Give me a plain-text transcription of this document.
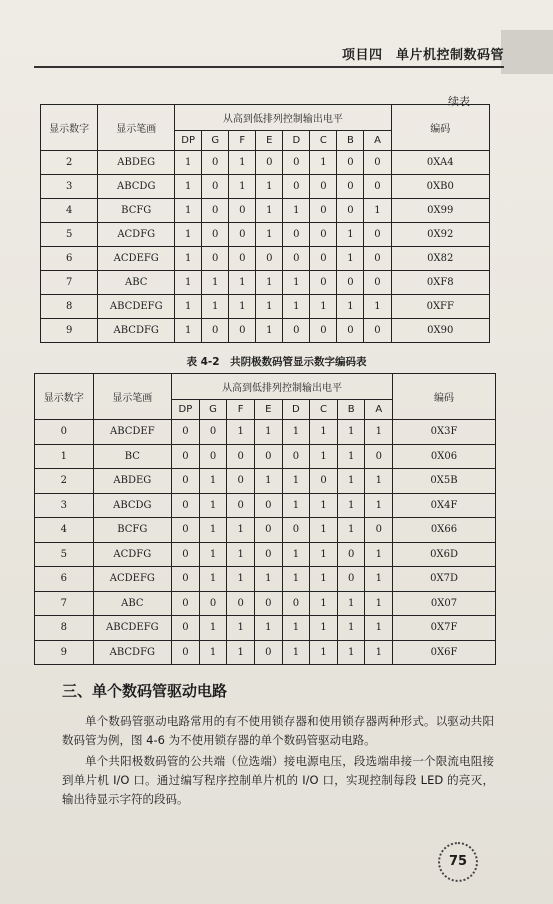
项目四　单片机控制数码管
续表
显示数字	显示笔画	从高到低排列控制输出电平								编码
		DP	G	F	E	D	C	B	A	
2	ABDEG	1	0	1	0	0	1	0	0	0XA4
3	ABCDG	1	0	1	1	0	0	0	0	0XB0
4	BCFG	1	0	0	1	1	0	0	1	0X99
5	ACDFG	1	0	0	1	0	0	1	0	0X92
6	ACDEFG	1	0	0	0	0	0	1	0	0X82
7	ABC	1	1	1	1	1	0	0	0	0XF8
8	ABCDEFG	1	1	1	1	1	1	1	1	0XFF
9	ABCDFG	1	0	0	1	0	0	0	0	0X90
表 4-2　共阴极数码管显示数字编码表
显示数字	显示笔画	从高到低排列控制输出电平								编码
		DP	G	F	E	D	C	B	A	
0	ABCDEF	0	0	1	1	1	1	1	1	0X3F
1	BC	0	0	0	0	0	1	1	0	0X06
2	ABDEG	0	1	0	1	1	0	1	1	0X5B
3	ABCDG	0	1	0	0	1	1	1	1	0X4F
4	BCFG	0	1	1	0	0	1	1	0	0X66
5	ACDFG	0	1	1	0	1	1	0	1	0X6D
6	ACDEFG	0	1	1	1	1	1	0	1	0X7D
7	ABC	0	0	0	0	0	1	1	1	0X07
8	ABCDEFG	0	1	1	1	1	1	1	1	0X7F
9	ABCDFG	0	1	1	0	1	1	1	1	0X6F
三、单个数码管驱动电路
单个数码管驱动电路常用的有不使用锁存器和使用锁存器两种形式。以驱动共阳数码管为例，图 4-6 为不使用锁存器的单个数码管驱动电路。
单个共阳极数码管的公共端（位选端）接电源电压，段选端串接一个限流电阻接到单片机 I/O 口。通过编写程序控制单片机的 I/O 口，实现控制每段 LED 的亮灭，输出待显示字符的段码。
75
